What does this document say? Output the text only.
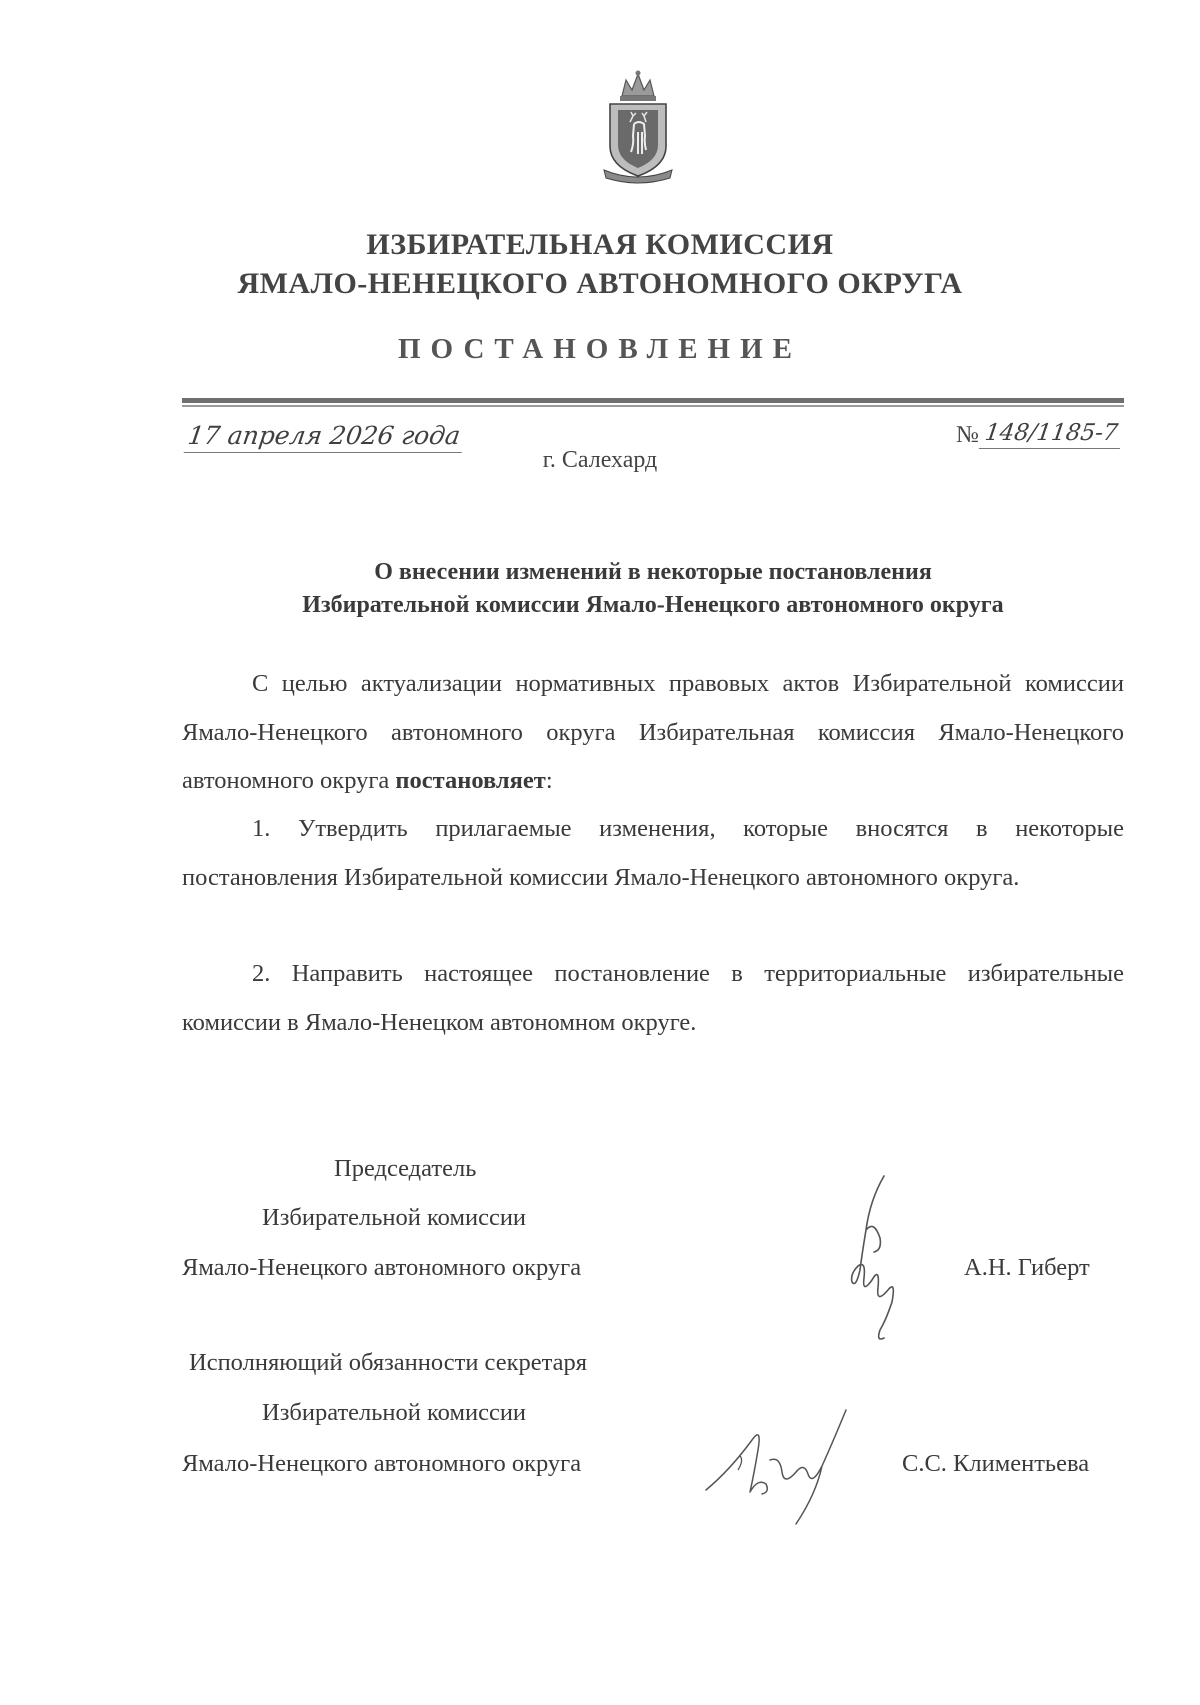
ИЗБИРАТЕЛЬНАЯ КОМИССИЯ
ЯМАЛО-НЕНЕЦКОГО АВТОНОМНОГО ОКРУГА
ПОСТАНОВЛЕНИЕ
17 апреля 2026 года	№ 148/1185-7
г. Салехард
О внесении изменений в некоторые постановления
Избирательной комиссии Ямало-Ненецкого автономного округа
С целью актуализации нормативных правовых актов Избирательной комиссии Ямало-Ненецкого автономного округа Избирательная комиссия Ямало-Ненецкого автономного округа постановляет:
1. Утвердить прилагаемые изменения, которые вносятся в некоторые постановления Избирательной комиссии Ямало-Ненецкого автономного округа.
2. Направить настоящее постановление в территориальные избирательные комиссии в Ямало-Ненецком автономном округе.
Председатель
Избирательной комиссии
Ямало-Ненецкого автономного округа	А.Н. Гиберт
Исполняющий обязанности секретаря
Избирательной комиссии
Ямало-Ненецкого автономного округа	С.С. Климентьева
